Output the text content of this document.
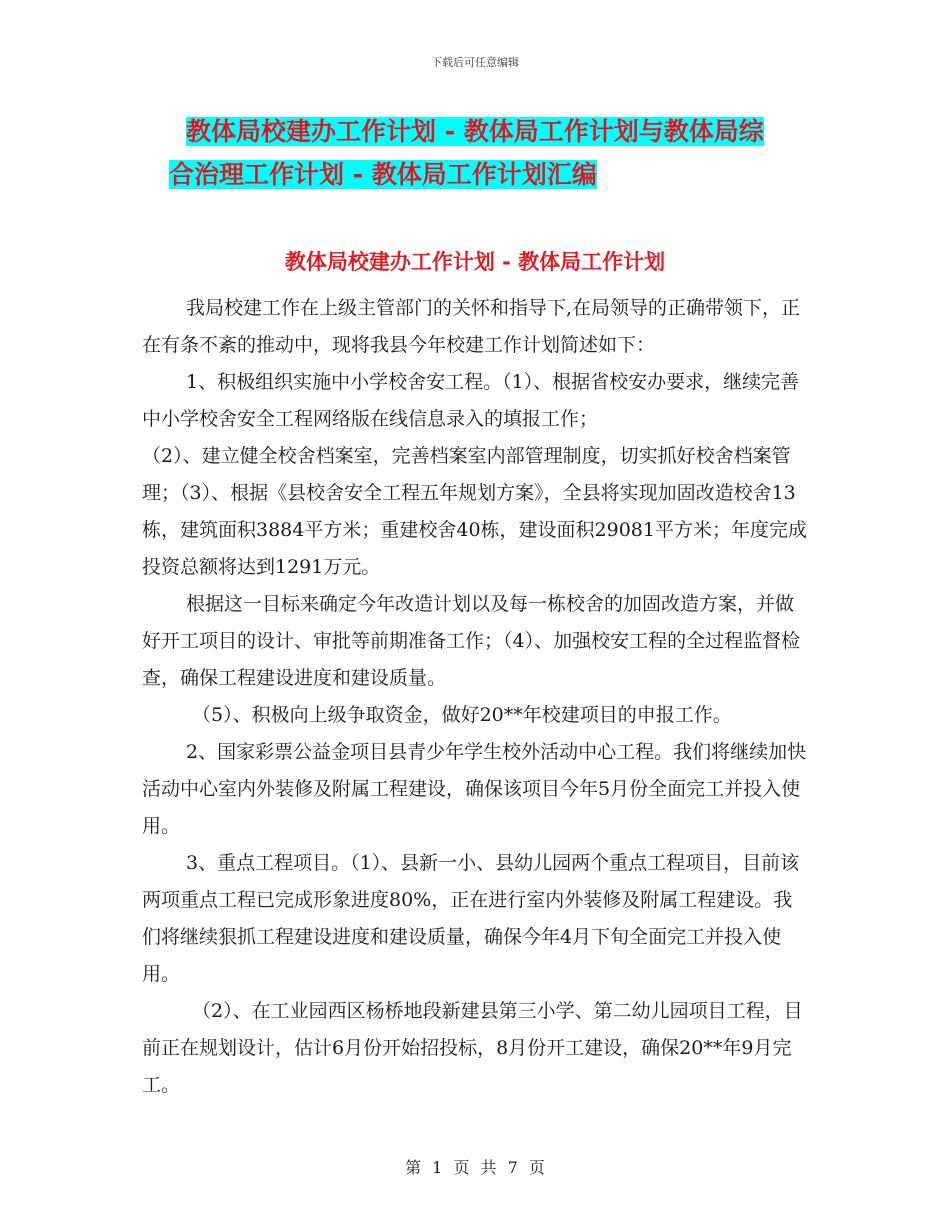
下载后可任意编辑
教体局校建办工作计划 - 教体局工作计划与教体局综
合治理工作计划 - 教体局工作计划汇编
教体局校建办工作计划 - 教体局工作计划

我局校建工作在上级主管部门的关怀和指导下,在局领导的正确带领下，正在有条不紊的推动中，现将我县今年校建工作计划简述如下：

1、积极组织实施中小学校舍安工程。（1）、根据省校安办要求，继续完善中小学校舍安全工程网络版在线信息录入的填报工作；

（2）、建立健全校舍档案室，完善档案室内部管理制度，切实抓好校舍档案管理；（3）、根据《县校舍安全工程五年规划方案》，全县将实现加固改造校舍13栋，建筑面积3884平方米；重建校舍40栋，建设面积29081平方米；年度完成投资总额将达到1291万元。

根据这一目标来确定今年改造计划以及每一栋校舍的加固改造方案，并做好开工项目的设计、审批等前期准备工作；（4）、加强校安工程的全过程监督检查，确保工程建设进度和建设质量。

（5）、积极向上级争取资金，做好20**年校建项目的申报工作。

2、国家彩票公益金项目县青少年学生校外活动中心工程。我们将继续加快活动中心室内外装修及附属工程建设，确保该项目今年5月份全面完工并投入使用。

3、重点工程项目。（1）、县新一小、县幼儿园两个重点工程项目，目前该两项重点工程已完成形象进度80%，正在进行室内外装修及附属工程建设。我们将继续狠抓工程建设进度和建设质量，确保今年4月下旬全面完工并投入使用。

（2）、在工业园西区杨桥地段新建县第三小学、第二幼儿园项目工程，目前正在规划设计，估计6月份开始招投标，8月份开工建设，确保20**年9月完工。

第 1 页 共 7 页
